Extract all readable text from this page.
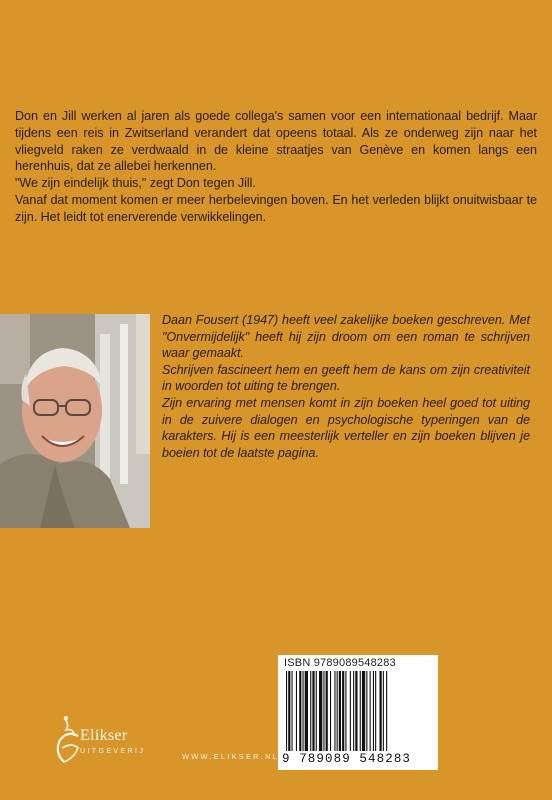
Don en Jill werken al jaren als goede collega's samen voor een internationaal bedrijf. Maar tijdens een reis in Zwitserland verandert dat opeens totaal. Als ze onderweg zijn naar het vliegveld raken ze verdwaald in de kleine straatjes van Genève en komen langs een herenhuis, dat ze allebei herkennen.

"We zijn eindelijk thuis," zegt Don tegen Jill.

Vanaf dat moment komen er meer herbelevingen boven. En het verleden blijkt onuitwisbaar te zijn. Het leidt tot enerverende verwikkelingen.

Daan Fousert (1947) heeft veel zakelijke boeken geschreven. Met "Onvermijdelijk" heeft hij zijn droom om een roman te schrijven waar gemaakt.

Schrijven fascineert hem en geeft hem de kans om zijn creativiteit in woorden tot uiting te brengen.

Zijn ervaring met mensen komt in zijn boeken heel goed tot uiting in de zuivere dialogen en psychologische typeringen van de karakters. Hij is een meesterlijk verteller en zijn boeken blijven je boeien tot de laatste pagina.

ISBN 9789089548283
9 789089 548283
Elikser
UITGEVERIJ
WWW.ELIKSER.NL
